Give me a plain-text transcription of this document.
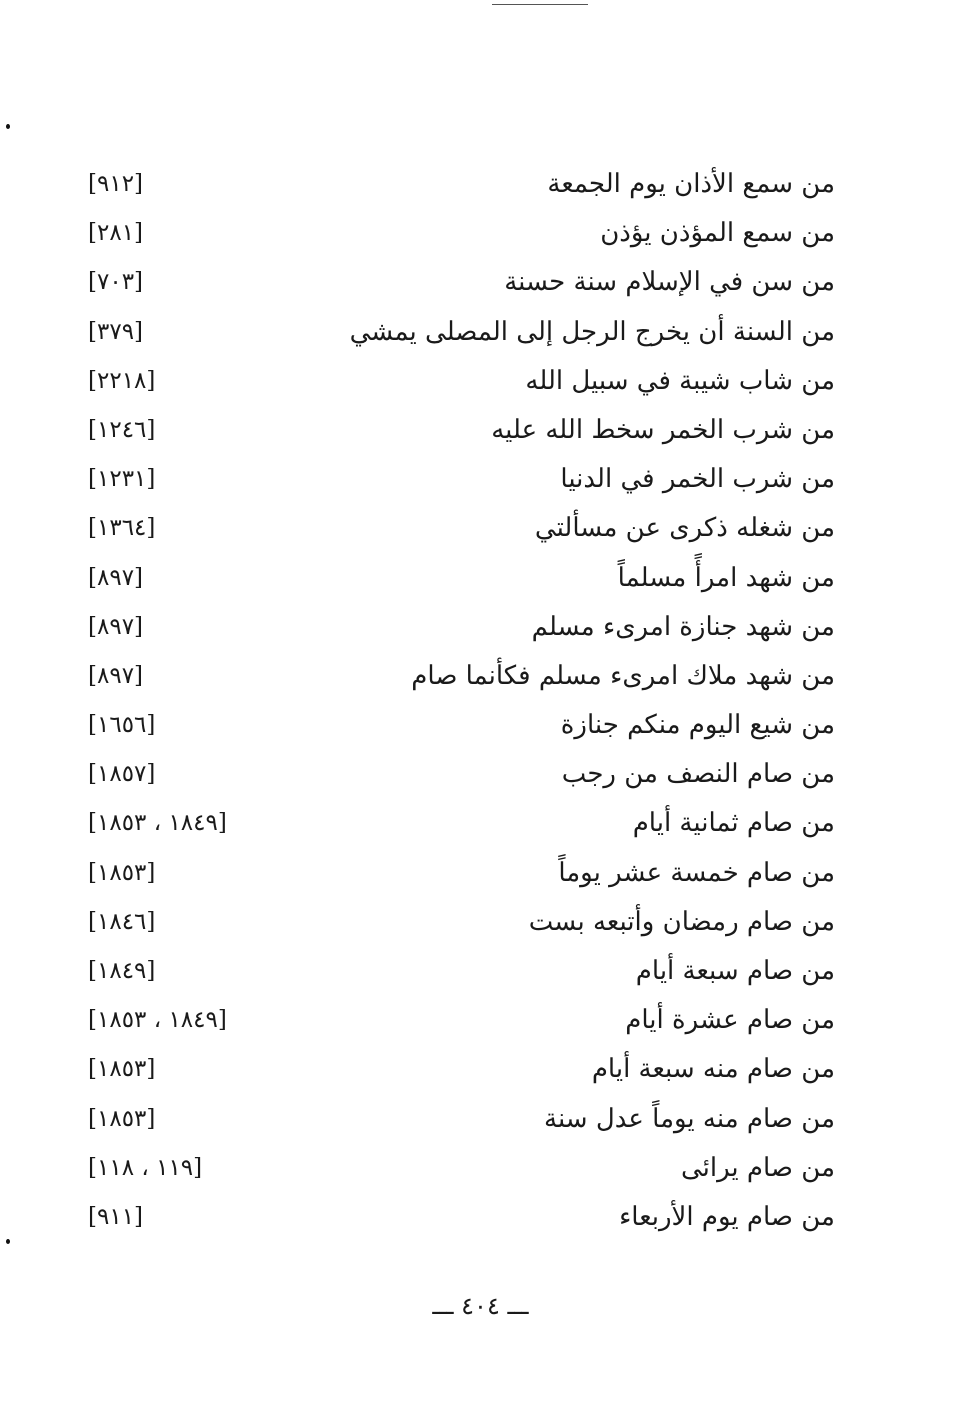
من سمع الأذان يوم الجمعة
[٩١٢]
من سمع المؤذن يؤذن
[٢٨١]
من سن في الإسلام سنة حسنة
[٧٠٣]
من السنة أن يخرج الرجل إلى المصلى يمشي
[٣٧٩]
من شاب شيبة في سبيل الله
[٢٢١٨]
من شرب الخمر سخط الله عليه
[١٢٤٦]
من شرب الخمر في الدنيا
[١٢٣١]
من شغله ذكرى عن مسألتي
[١٣٦٤]
من شهد امرأً مسلماً
[٨٩٧]
من شهد جنازة امرىء مسلم
[٨٩٧]
من شهد ملاك امرىء مسلم فكأنما صام
[٨٩٧]
من شيع اليوم منكم جنازة
[١٦٥٦]
من صام النصف من رجب
[١٨٥٧]
من صام ثمانية أيام
[١٨٤٩ ، ١٨٥٣]
من صام خمسة عشر يوماً
[١٨٥٣]
من صام رمضان وأتبعه بست
[١٨٤٦]
من صام سبعة أيام
[١٨٤٩]
من صام عشرة أيام
[١٨٤٩ ، ١٨٥٣]
من صام منه سبعة أيام
[١٨٥٣]
من صام منه يوماً عدل سنة
[١٨٥٣]
من صام يرائى
[١١٩ ، ١١٨]
من صام يوم الأربعاء
[٩١١]
ـــ ٤٠٤ ـــ
